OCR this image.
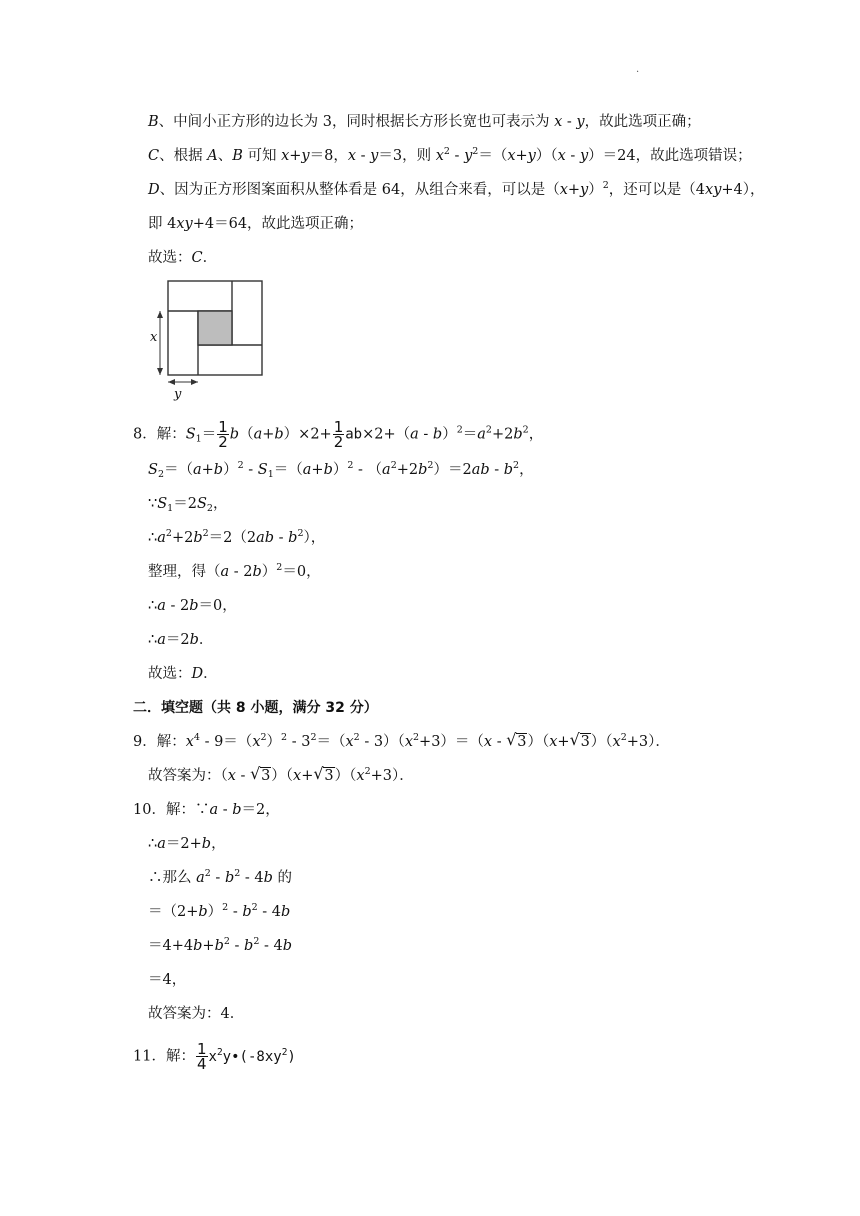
.
B、中间小正方形的边长为 3，同时根据长方形长宽也可表示为 x - y，故此选项正确；
C、根据 A、B 可知 x+y＝8，x - y＝3，则 $x^2 - y^2=(x+y)(x - y)=24$，故此选项错误；
D、因为正方形图案面积从整体看是 64，从组合来看，可以是$(x+y)^2$，还可以是（4xy+4），
即 4xy+4＝64，故此选项正确；
故选：C．
x
y
8．解：$S_1= \frac{1}{2} b(a+b)\times 2+ \frac{1}{2} ab\times 2+(a - b)^2=a^2+2b^2$，
$S_2=(a+b)^2 - S_1=(a+b)^2 - (a^2+2b^2)=2ab - b^2$，
$\because S_1=2S_2$，
$\therefore a^2+2b^2=2(2ab - b^2)$，
整理，得（a - 2b）$^2$＝0，
∴a - 2b＝0，
∴a＝2b．
故选：D．
二．填空题（共 8 小题，满分 32 分）
9．解：$x^4 - 9=(x^2)^2 - 3^2=(x^2 - 3)(x^2+3)=(x$ - √ 3）（x+ √ $3)(x^2+3)$．
故答案为：（x - √ 3）（x+ √ $3)(x^2+3)$．
10．解：∵a - b＝2，
∴a＝2+b，
∴那么 $a^2 - b^2 - 4b$ 的
$=(2+b)^2 - b^2 - 4b$
$=4+4b+b^2 - b^2 - 4b$
＝4，
故答案为：4．
11．解： $\frac{1}{4}$ $x^2y•(-8xy^2)$
